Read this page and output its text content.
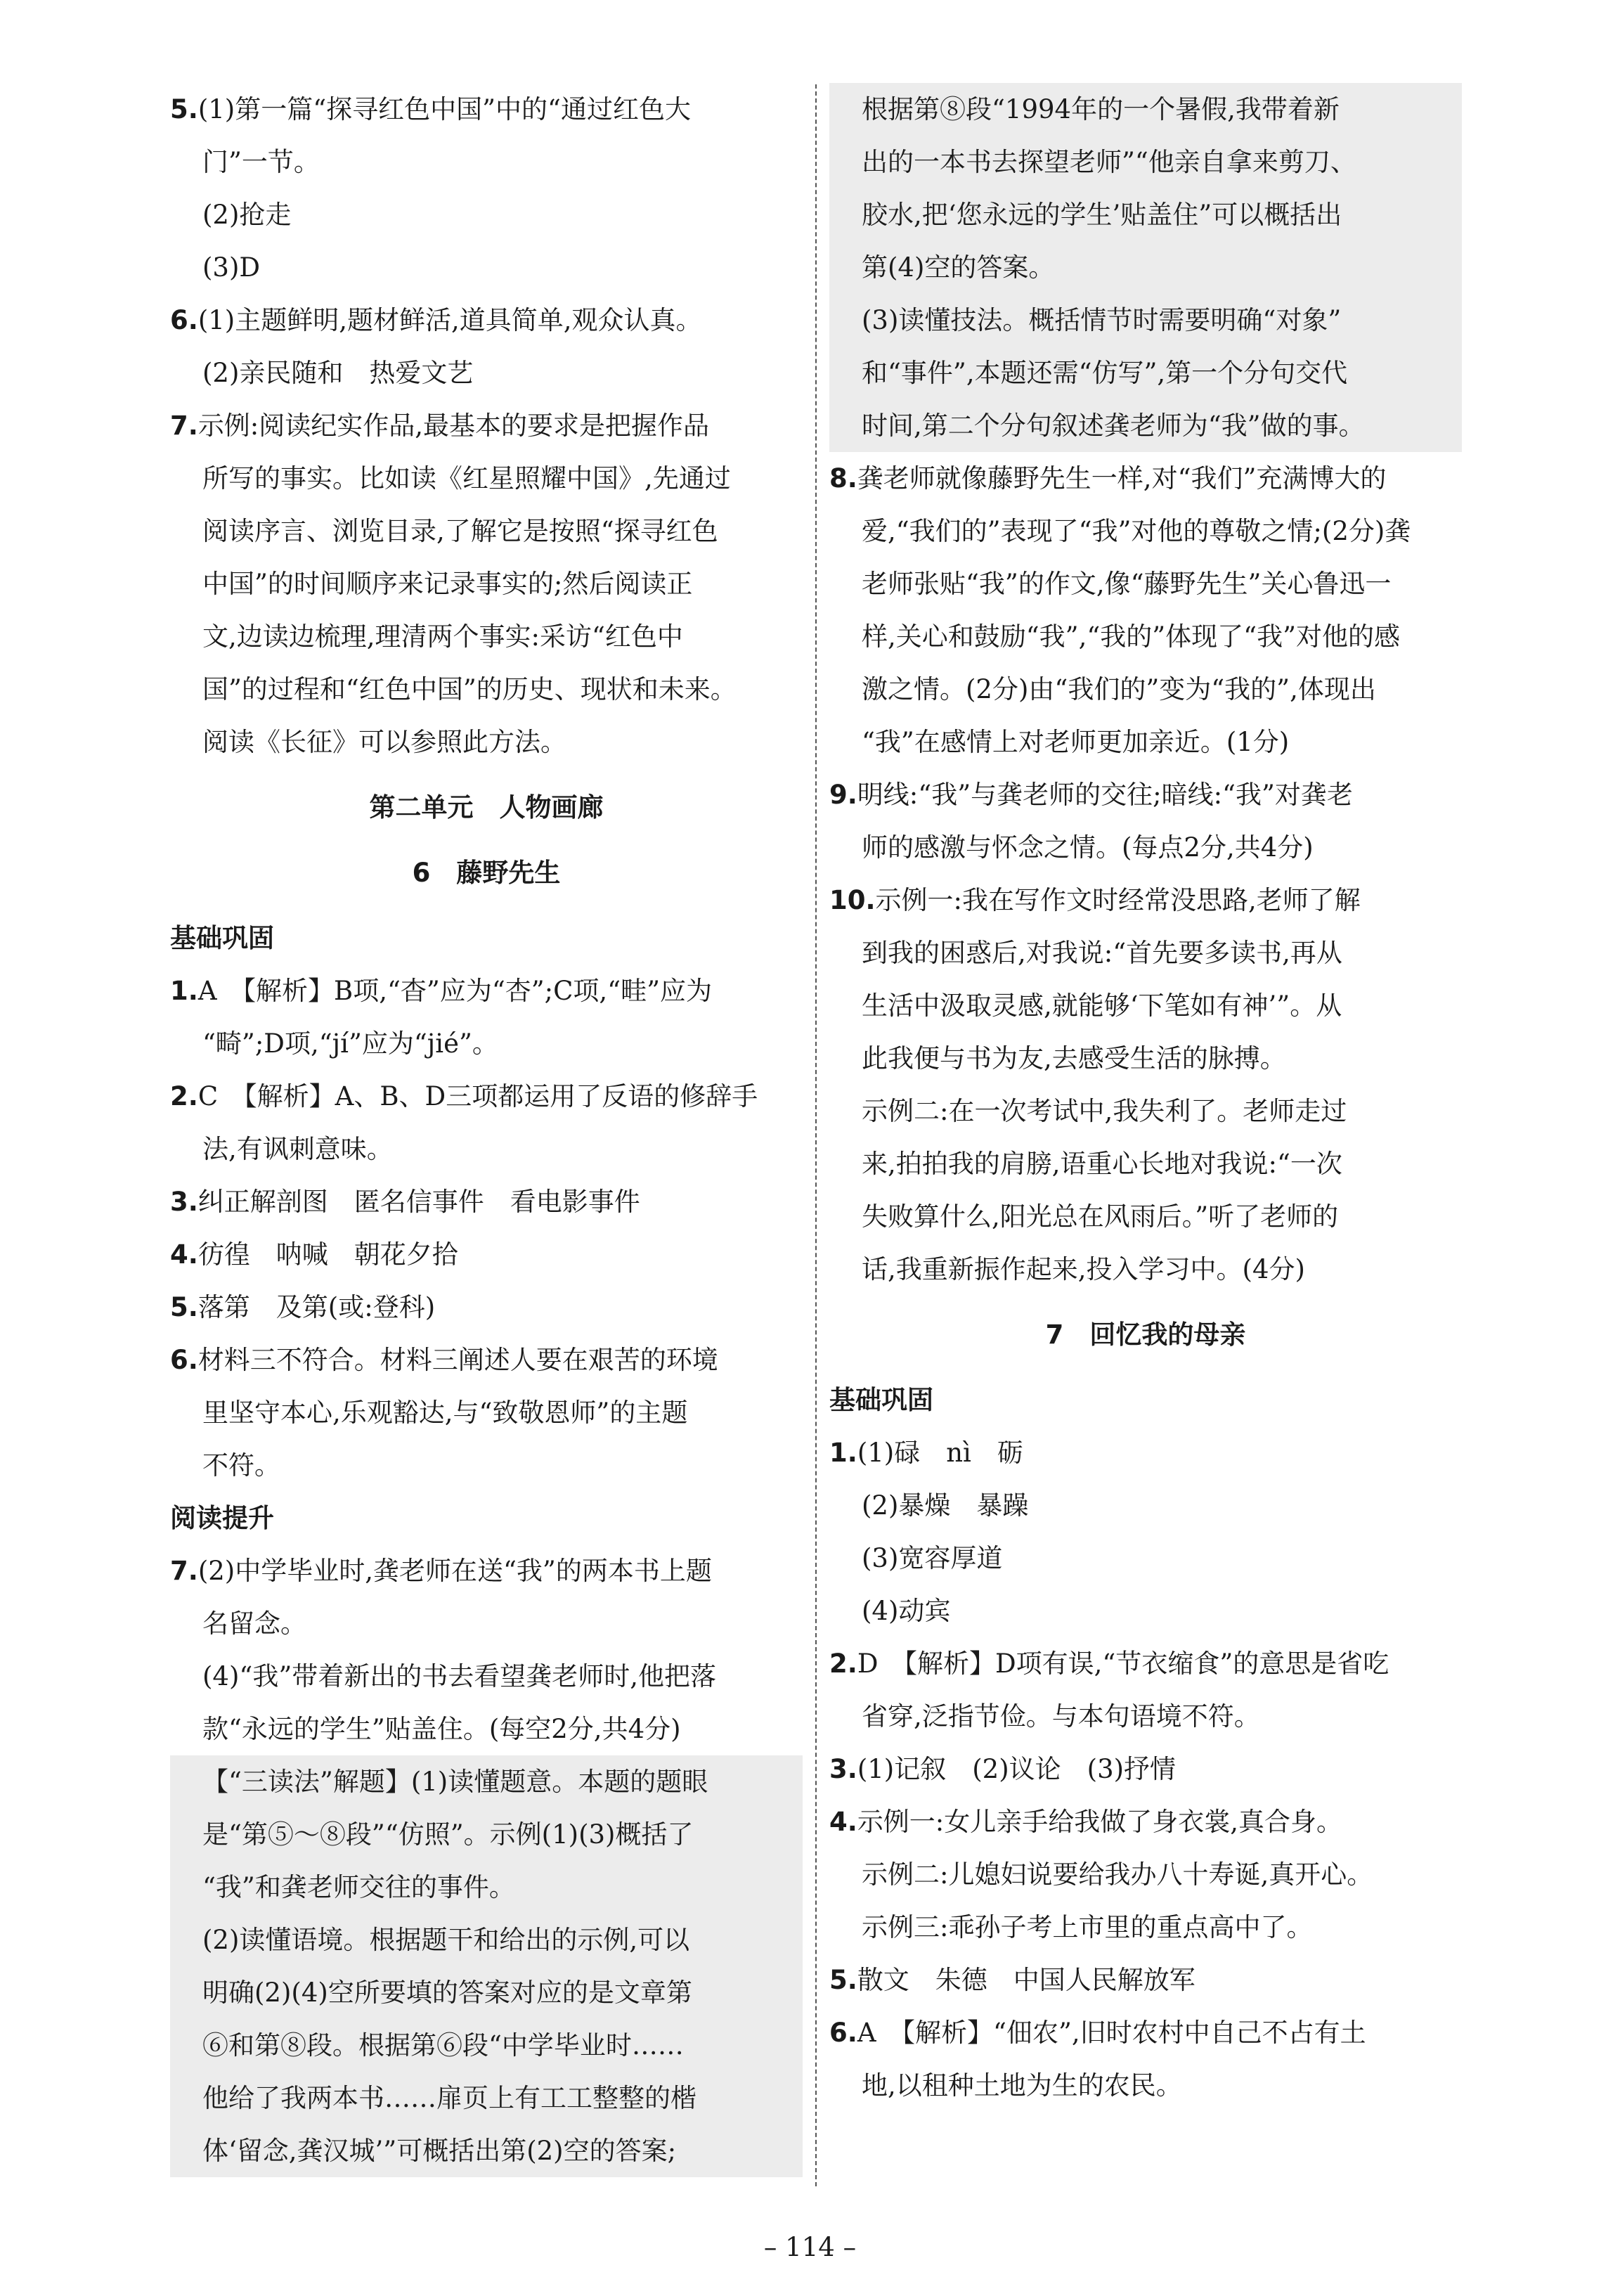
5.(1)第一篇“探寻红色中国”中的“通过红色大
门”一节。
(2)抢走
(3)D
6.(1)主题鲜明,题材鲜活,道具简单,观众认真。
(2)亲民随和　热爱文艺
7.示例:阅读纪实作品,最基本的要求是把握作品
所写的事实。比如读《红星照耀中国》,先通过
阅读序言、浏览目录,了解它是按照“探寻红色
中国”的时间顺序来记录事实的;然后阅读正
文,边读边梳理,理清两个事实:采访“红色中
国”的过程和“红色中国”的历史、现状和未来。
阅读《长征》可以参照此方法。
第二单元　人物画廊
6　藤野先生
基础巩固
1.A　【解析】B项,“杳”应为“杏”;C项,“畦”应为
“畸”;D项,“jí”应为“jié”。
2.C　【解析】A、B、D三项都运用了反语的修辞手
法,有讽刺意味。
3.纠正解剖图　匿名信事件　看电影事件
4.彷徨　呐喊　朝花夕拾
5.落第　及第(或:登科)
6.材料三不符合。材料三阐述人要在艰苦的环境
里坚守本心,乐观豁达,与“致敬恩师”的主题
不符。
阅读提升
7.(2)中学毕业时,龚老师在送“我”的两本书上题
名留念。
(4)“我”带着新出的书去看望龚老师时,他把落
款“永远的学生”贴盖住。(每空2分,共4分)
【“三读法”解题】(1)读懂题意。本题的题眼
是“第⑤～⑧段”“仿照”。示例(1)(3)概括了
“我”和龚老师交往的事件。
(2)读懂语境。根据题干和给出的示例,可以
明确(2)(4)空所要填的答案对应的是文章第
⑥和第⑧段。根据第⑥段“中学毕业时……
他给了我两本书……扉页上有工工整整的楷
体‘留念,龚汉城’”可概括出第(2)空的答案;
根据第⑧段“1994年的一个暑假,我带着新
出的一本书去探望老师”“他亲自拿来剪刀、
胶水,把‘您永远的学生’贴盖住”可以概括出
第(4)空的答案。
(3)读懂技法。概括情节时需要明确“对象”
和“事件”,本题还需“仿写”,第一个分句交代
时间,第二个分句叙述龚老师为“我”做的事。
8.龚老师就像藤野先生一样,对“我们”充满博大的
爱,“我们的”表现了“我”对他的尊敬之情;(2分)龚
老师张贴“我”的作文,像“藤野先生”关心鲁迅一
样,关心和鼓励“我”,“我的”体现了“我”对他的感
激之情。(2分)由“我们的”变为“我的”,体现出
“我”在感情上对老师更加亲近。(1分)
9.明线:“我”与龚老师的交往;暗线:“我”对龚老
师的感激与怀念之情。(每点2分,共4分)
10.示例一:我在写作文时经常没思路,老师了解
到我的困惑后,对我说:“首先要多读书,再从
生活中汲取灵感,就能够‘下笔如有神’”。从
此我便与书为友,去感受生活的脉搏。
示例二:在一次考试中,我失利了。老师走过
来,拍拍我的肩膀,语重心长地对我说:“一次
失败算什么,阳光总在风雨后。”听了老师的
话,我重新振作起来,投入学习中。(4分)
7　回忆我的母亲
基础巩固
1.(1)碌　nì　砺
(2)暴燥　暴躁
(3)宽容厚道
(4)动宾
2.D　【解析】D项有误,“节衣缩食”的意思是省吃
省穿,泛指节俭。与本句语境不符。
3.(1)记叙　(2)议论　(3)抒情
4.示例一:女儿亲手给我做了身衣裳,真合身。
示例二:儿媳妇说要给我办八十寿诞,真开心。
示例三:乖孙子考上市里的重点高中了。
5.散文　朱德　中国人民解放军
6.A　【解析】“佃农”,旧时农村中自己不占有土
地,以租种土地为生的农民。
– 114 –
